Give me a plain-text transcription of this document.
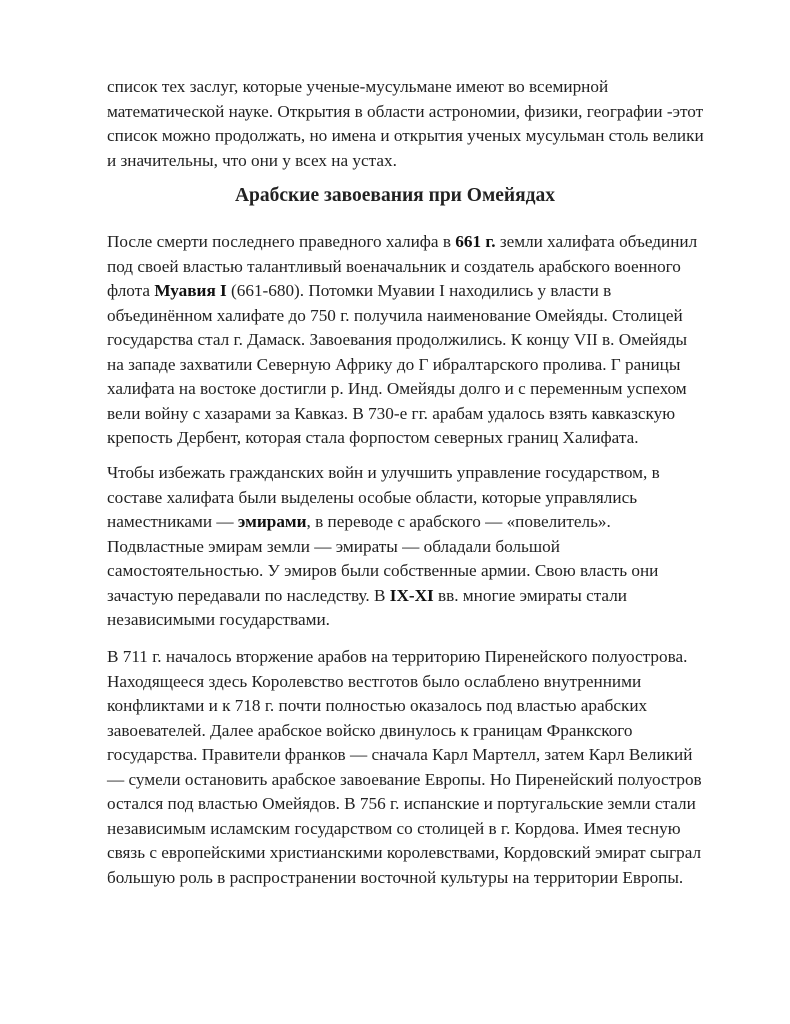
список тех заслуг, которые ученые-мусульмане имеют во всемирной
математической науке. Открытия в области астрономии, физики, географии -этот
список можно продолжать, но имена и открытия ученых мусульман столь велики
и значительны, что они у всех на устах.
Арабские завоевания при Омейядах
После смерти последнего праведного халифа в 661 г. земли халифата объединил
под своей властью талантливый военачальник и создатель арабского военного
флота Муавия I (661-680). Потомки Муавии I находились у власти в
объединённом халифате до 750 г. получила наименование Омейяды. Столицей
государства стал г. Дамаск. Завоевания продолжились. К концу VII в. Омейяды
на западе захватили Северную Африку до Г ибралтарского пролива. Г раницы
халифата на востоке достигли р. Инд. Омейяды долго и с переменным успехом
вели войну с хазарами за Кавказ. В 730-е гг. арабам удалось взять кавказскую
крепость Дербент, которая стала форпостом северных границ Халифата.
Чтобы избежать гражданских войн и улучшить управление государством, в
составе халифата были выделены особые области, которые управлялись
наместниками — эмирами, в переводе с арабского — «повелитель».
Подвластные эмирам земли — эмираты — обладали большой
самостоятельностью. У эмиров были собственные армии. Свою власть они
зачастую передавали по наследству. В IX-XI вв. многие эмираты стали
независимыми государствами.
В 711 г. началось вторжение арабов на территорию Пиренейского полуострова.
Находящееся здесь Королевство вестготов было ослаблено внутренними
конфликтами и к 718 г. почти полностью оказалось под властью арабских
завоевателей. Далее арабское войско двинулось к границам Франкского
государства. Правители франков — сначала Карл Мартелл, затем Карл Великий
— сумели остановить арабское завоевание Европы. Но Пиренейский полуостров
остался под властью Омейядов. В 756 г. испанские и португальские земли стали
независимым исламским государством со столицей в г. Кордова. Имея тесную
связь с европейскими христианскими королевствами, Кордовский эмират сыграл
большую роль в распространении восточной культуры на территории Европы.
